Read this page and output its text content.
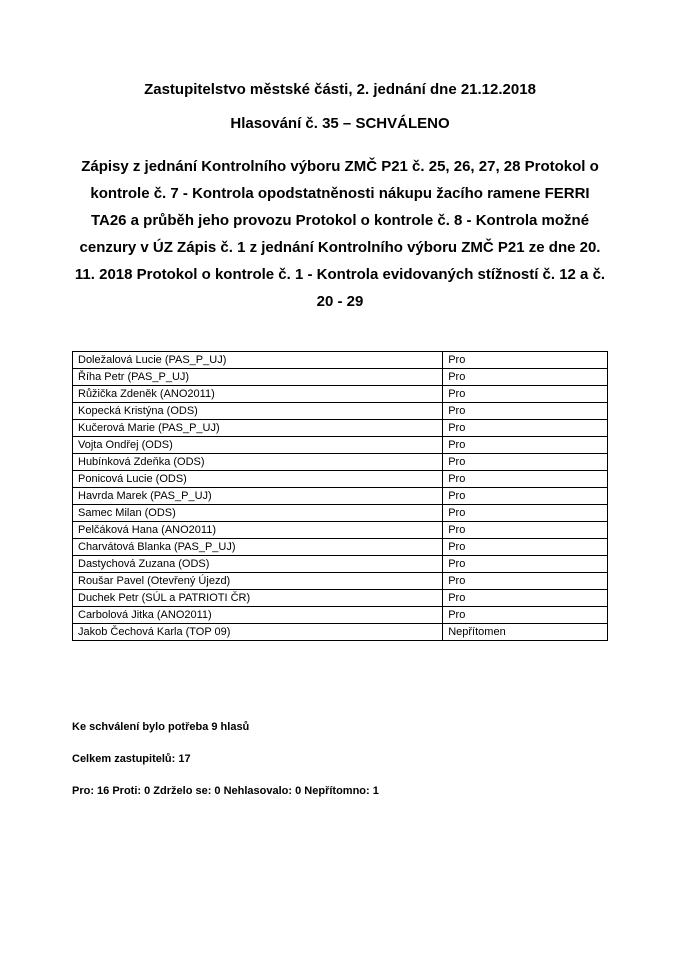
Zastupitelstvo městské části, 2. jednání dne 21.12.2018
Hlasování č. 35 – SCHVÁLENO
Zápisy z jednání Kontrolního výboru ZMČ P21 č. 25, 26, 27, 28 Protokol o kontrole č. 7 - Kontrola opodstatněnosti nákupu žacího ramene FERRI TA26 a průběh jeho provozu Protokol o kontrole č. 8 - Kontrola možné cenzury v ÚZ Zápis č. 1 z jednání Kontrolního výboru ZMČ P21 ze dne 20. 11. 2018 Protokol o kontrole č. 1 - Kontrola evidovaných stížností č. 12 a č. 20 - 29
Doležalová Lucie (PAS_P_UJ)	Pro
Říha Petr (PAS_P_UJ)	Pro
Růžička Zdeněk (ANO2011)	Pro
Kopecká Kristýna (ODS)	Pro
Kučerová Marie (PAS_P_UJ)	Pro
Vojta Ondřej (ODS)	Pro
Hubínková Zdeňka (ODS)	Pro
Ponicová Lucie (ODS)	Pro
Havrda Marek (PAS_P_UJ)	Pro
Samec Milan (ODS)	Pro
Pelčáková Hana (ANO2011)	Pro
Charvátová Blanka (PAS_P_UJ)	Pro
Dastychová Zuzana (ODS)	Pro
Roušar Pavel (Otevřený Újezd)	Pro
Duchek Petr (SÚL a PATRIOTI ČR)	Pro
Carbolová Jitka (ANO2011)	Pro
Jakob Čechová Karla (TOP 09)	Nepřítomen
Ke schválení bylo potřeba 9 hlasů
Celkem zastupitelů: 17
Pro: 16 Proti: 0 Zdrželo se: 0 Nehlasovalo: 0 Nepřítomno: 1
